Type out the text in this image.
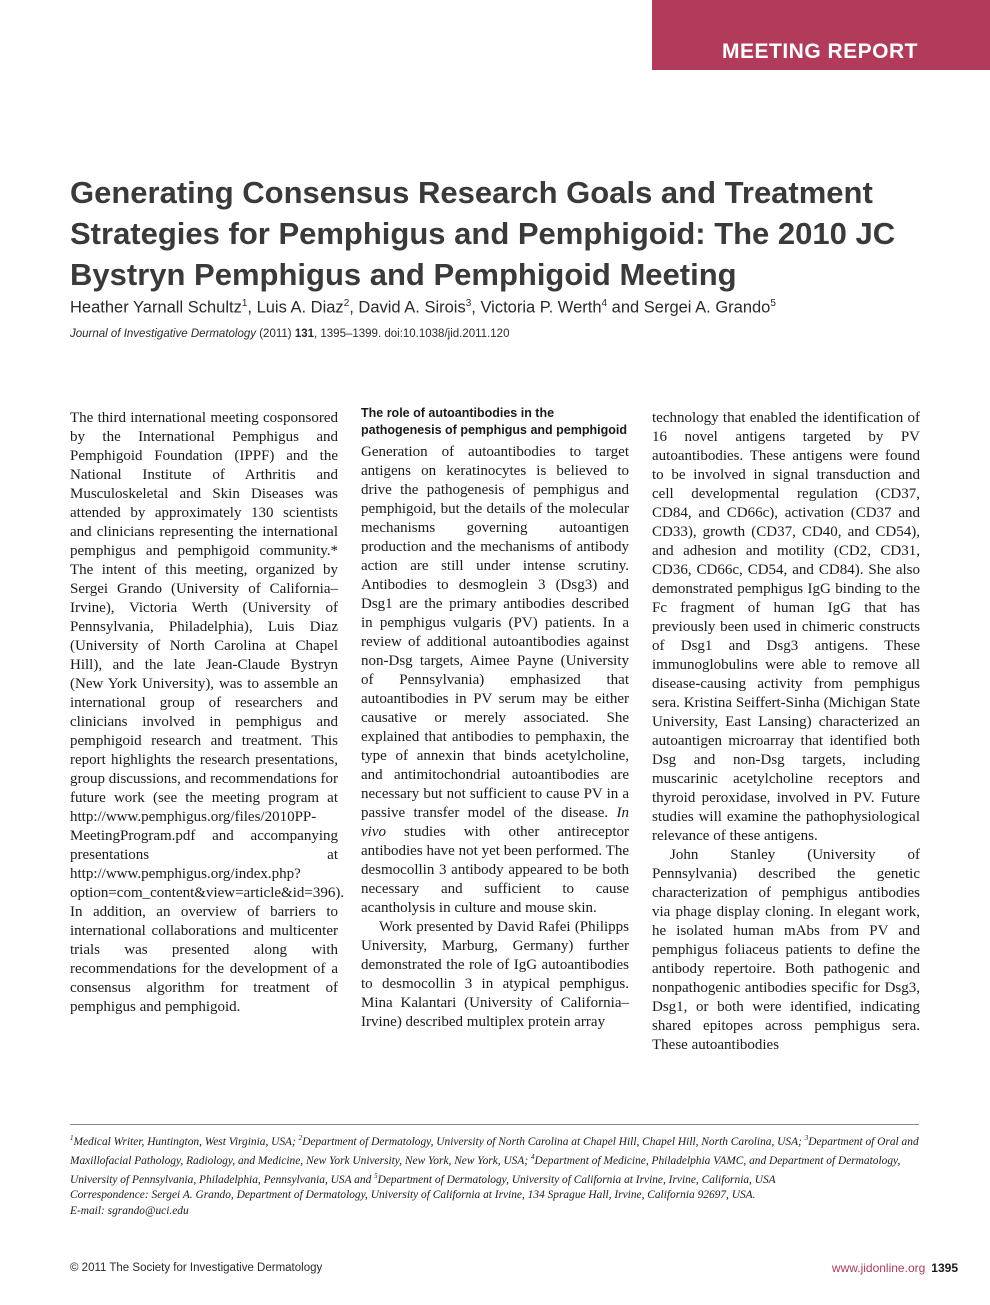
MEETING REPORT
Generating Consensus Research Goals and Treatment Strategies for Pemphigus and Pemphigoid: The 2010 JC Bystryn Pemphigus and Pemphigoid Meeting
Heather Yarnall Schultz$^1$, Luis A. Diaz$^2$, David A. Sirois$^3$, Victoria P. Werth$^4$ and Sergei A. Grando$^5$
Journal of Investigative Dermatology (2011) 131, 1395–1399. doi:10.1038/jid.2011.120

The third international meeting cosponsored by the International Pemphigus and Pemphigoid Foundation (IPPF) and the National Institute of Arthritis and Musculoskeletal and Skin Diseases was attended by approximately 130 scientists and clinicians representing the international pemphigus and pemphigoid community.* The intent of this meeting, organized by Sergei Grando (University of California–Irvine), Victoria Werth (University of Pennsylvania, Philadelphia), Luis Diaz (University of North Carolina at Chapel Hill), and the late Jean-Claude Bystryn (New York University), was to assemble an international group of researchers and clinicians involved in pemphigus and pemphigoid research and treatment. This report highlights the research presentations, group discussions, and recommendations for future work (see the meeting program at http://www.pemphigus.org/files/2010PP-MeetingProgram.pdf and accompanying presentations at http://www.pemphigus.org/index.php?option=com_content&view=article&id=396). In addition, an overview of barriers to international collaborations and multicenter trials was presented along with recommendations for the development of a consensus algorithm for treatment of pemphigus and pemphigoid.

The role of autoantibodies in the pathogenesis of pemphigus and pemphigoid

Generation of autoantibodies to target antigens on keratinocytes is believed to drive the pathogenesis of pemphigus and pemphigoid, but the details of the molecular mechanisms governing autoantigen production and the mechanisms of antibody action are still under intense scrutiny. Antibodies to desmoglein 3 (Dsg3) and Dsg1 are the primary antibodies described in pemphigus vulgaris (PV) patients. In a review of additional autoantibodies against non-Dsg targets, Aimee Payne (University of Pennsylvania) emphasized that autoantibodies in PV serum may be either causative or merely associated. She explained that antibodies to pemphaxin, the type of annexin that binds acetylcholine, and antimitochondrial autoantibodies are necessary but not sufficient to cause PV in a passive transfer model of the disease. In vivo studies with other antireceptor antibodies have not yet been performed. The desmocollin 3 antibody appeared to be both necessary and sufficient to cause acantholysis in culture and mouse skin.

Work presented by David Rafei (Philipps University, Marburg, Germany) further demonstrated the role of IgG autoantibodies to desmocollin 3 in atypical pemphigus. Mina Kalantari (University of California–Irvine) described multiplex protein array

technology that enabled the identification of 16 novel antigens targeted by PV autoantibodies. These antigens were found to be involved in signal transduction and cell developmental regulation (CD37, CD84, and CD66c), activation (CD37 and CD33), growth (CD37, CD40, and CD54), and adhesion and motility (CD2, CD31, CD36, CD66c, CD54, and CD84). She also demonstrated pemphigus IgG binding to the Fc fragment of human IgG that has previously been used in chimeric constructs of Dsg1 and Dsg3 antigens. These immunoglobulins were able to remove all disease-causing activity from pemphigus sera. Kristina Seiffert-Sinha (Michigan State University, East Lansing) characterized an autoantigen microarray that identified both Dsg and non-Dsg targets, including muscarinic acetylcholine receptors and thyroid peroxidase, involved in PV. Future studies will examine the pathophysiological relevance of these antigens.

John Stanley (University of Pennsylvania) described the genetic characterization of pemphigus antibodies via phage display cloning. In elegant work, he isolated human mAbs from PV and pemphigus foliaceus patients to define the antibody repertoire. Both pathogenic and nonpathogenic antibodies specific for Dsg3, Dsg1, or both were identified, indicating shared epitopes across pemphigus sera. These autoantibodies

$^1$Medical Writer, Huntington, West Virginia, USA; $^2$Department of Dermatology, University of North Carolina at Chapel Hill, Chapel Hill, North Carolina, USA; $^3$Department of Oral and Maxillofacial Pathology, Radiology, and Medicine, New York University, New York, New York, USA; $^4$Department of Medicine, Philadelphia VAMC, and Department of Dermatology, University of Pennsylvania, Philadelphia, Pennsylvania, USA and $^5$Department of Dermatology, University of California at Irvine, Irvine, California, USA

Correspondence: Sergei A. Grando, Department of Dermatology, University of California at Irvine, 134 Sprague Hall, Irvine, California 92697, USA.

E-mail: sgrando@uci.edu

© 2011 The Society for Investigative Dermatology	www.jidonline.org 1395
